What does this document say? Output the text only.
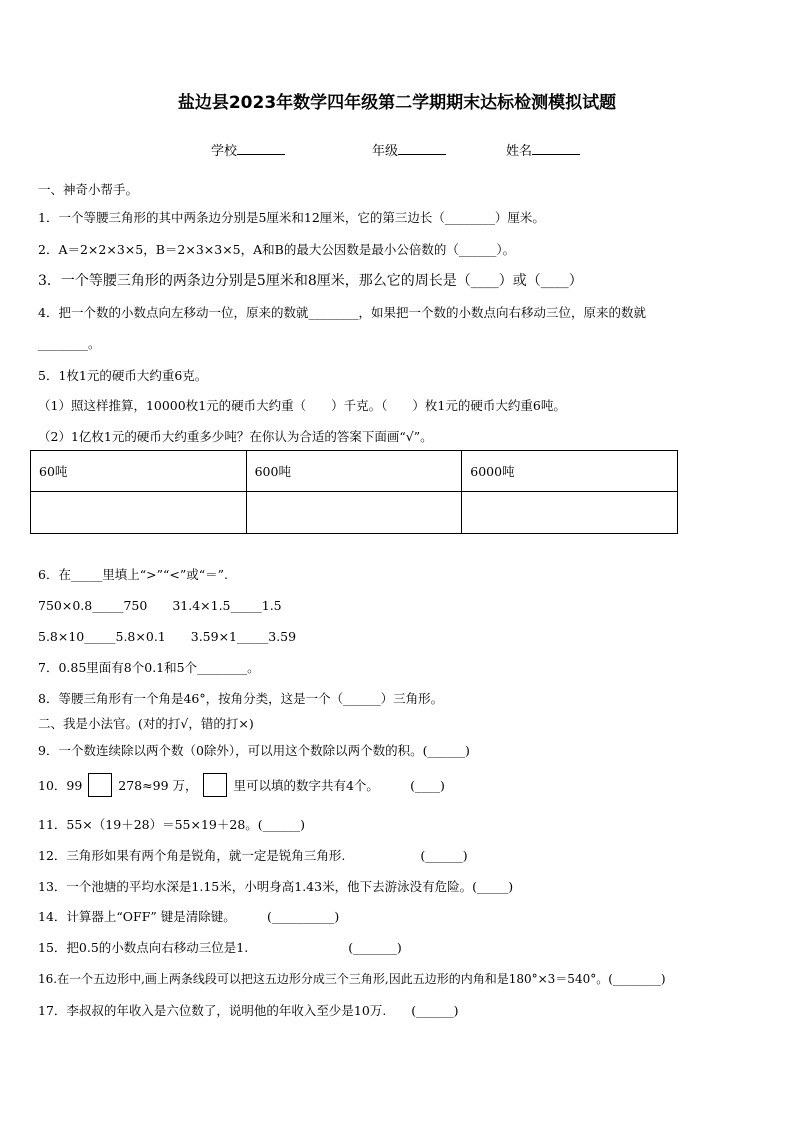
盐边县2023年数学四年级第二学期期末达标检测模拟试题
学校	年级	姓名
一、神奇小帮手。
1．一个等腰三角形的其中两条边分别是5厘米和12厘米，它的第三边长（________）厘米。
2．A＝2×2×3×5，B＝2×3×3×5，A和B的最大公因数是最小公倍数的（______）。
3．一个等腰三角形的两条边分别是5厘米和8厘米，那么它的周长是（____）或（____）
4．把一个数的小数点向左移动一位，原来的数就________，如果把一个数的小数点向右移动三位，原来的数就
________。
5．1枚1元的硬币大约重6克。
（1）照这样推算，10000枚1元的硬币大约重（　　）千克。（　　）枚1元的硬币大约重6吨。
（2）1亿枚1元的硬币大约重多少吨？在你认为合适的答案下面画“√”。
60吨	600吨	6000吨

6．在_____里填上“>”“<”或“＝”.
750×0.8_____750　　31.4×1.5_____1.5
5.8×10_____5.8×0.1　　3.59×1_____3.59
7．0.85里面有8个0.1和5个________。
8．等腰三角形有一个角是46°，按角分类，这是一个（______）三角形。
二、我是小法官。(对的打√，错的打×)
9．一个数连续除以两个数（0除外），可以用这个数除以两个数的积。(______)
10．99	278≈99 万，	里可以填的数字共有4个。　　　(____)
11．55×（19＋28）＝55×19＋28。(______)
12．三角形如果有两个角是锐角，就一定是锐角三角形.　　　　　　(______)
13．一个池塘的平均水深是1.15米，小明身高1.43米，他下去游泳没有危险。(_____)
14．计算器上“OFF” 键是清除键。　　　(__________)
15．把0.5的小数点向右移动三位是1.　　　　　　　　(_______)
16.在一个五边形中,画上两条线段可以把这五边形分成三个三角形,因此五边形的内角和是180°×3＝540°。(________)
17．李叔叔的年收入是六位数了，说明他的年收入至少是10万.　　(______)
